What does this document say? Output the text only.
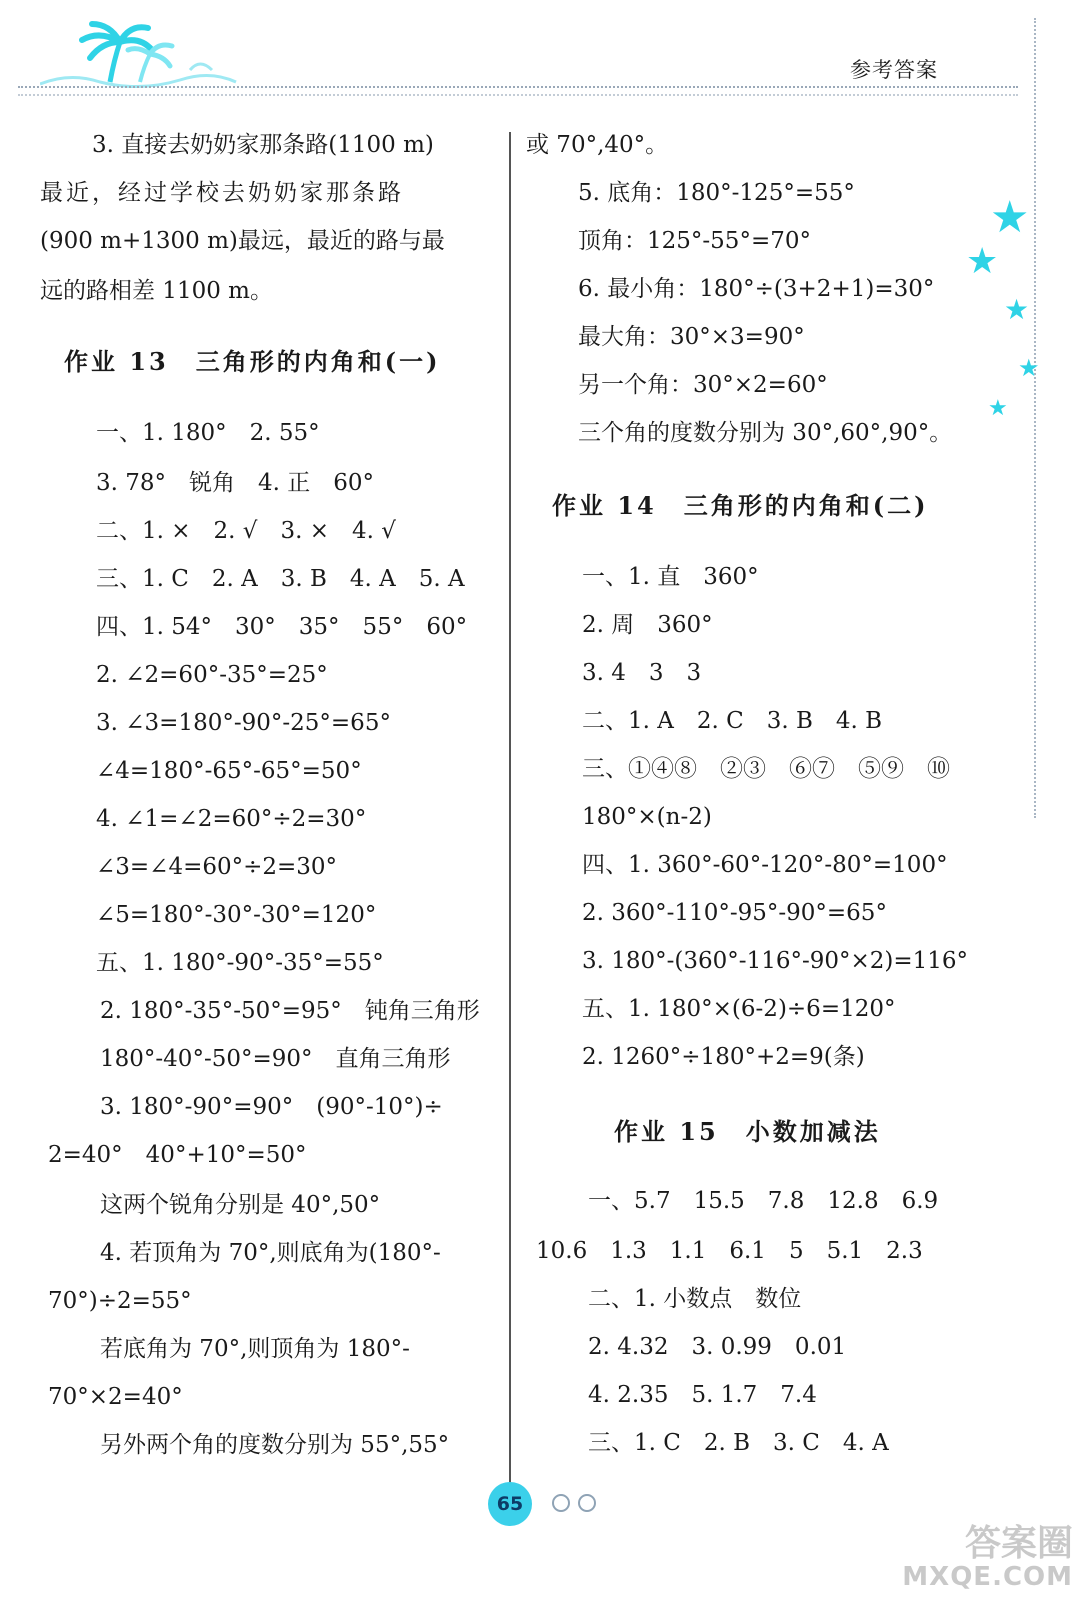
参考答案
★
★
★
★
★
3. 直接去奶奶家那条路(1100 m)
最近，经过学校去奶奶家那条路
(900 m+1300 m)最远，最近的路与最
远的路相差 1100 m。
作业 13　三角形的内角和(一)
一、1. 180°　2. 55°
3. 78°　锐角　4. 正　60°
二、1. ×　2. √　3. ×　4. √
三、1. C　2. A　3. B　4. A　5. A
四、1. 54°　30°　35°　55°　60°
2. ∠2=60°-35°=25°
3. ∠3=180°-90°-25°=65°
∠4=180°-65°-65°=50°
4. ∠1=∠2=60°÷2=30°
∠3=∠4=60°÷2=30°
∠5=180°-30°-30°=120°
五、1. 180°-90°-35°=55°
2. 180°-35°-50°=95°　钝角三角形
180°-40°-50°=90°　直角三角形
3. 180°-90°=90°　(90°-10°)÷
2=40°　40°+10°=50°
这两个锐角分别是 40°,50°
4. 若顶角为 70°,则底角为(180°-
70°)÷2=55°
若底角为 70°,则顶角为 180°-
70°×2=40°
另外两个角的度数分别为 55°,55°
或 70°,40°。
5. 底角：180°-125°=55°
顶角：125°-55°=70°
6. 最小角：180°÷(3+2+1)=30°
最大角：30°×3=90°
另一个角：30°×2=60°
三个角的度数分别为 30°,60°,90°。
作业 14　三角形的内角和(二)
一、1. 直　360°
2. 周　360°
3. 4　3　3
二、1. A　2. C　3. B　4. B
三、①④⑧　②③　⑥⑦　⑤⑨　⑩
180°×(n-2)
四、1. 360°-60°-120°-80°=100°
2. 360°-110°-95°-90°=65°
3. 180°-(360°-116°-90°×2)=116°
五、1. 180°×(6-2)÷6=120°
2. 1260°÷180°+2=9(条)
作业 15　小数加减法
一、5.7　15.5　7.8　12.8　6.9
10.6　1.3　1.1　6.1　5　5.1　2.3
二、1. 小数点　数位
2. 4.32　3. 0.99　0.01
4. 2.35　5. 1.7　7.4
三、1. C　2. B　3. C　4. A
65
答案圈
MXQE.COM
